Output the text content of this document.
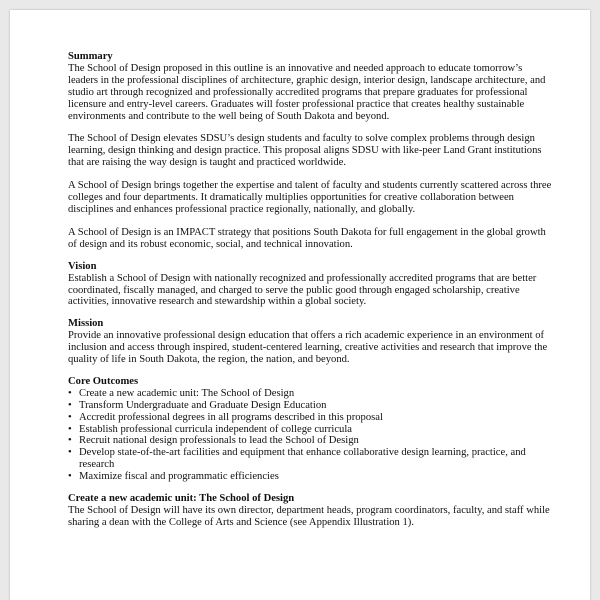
Summary

The School of Design proposed in this outline is an innovative and needed approach to educate tomorrow’s leaders in the professional disciplines of architecture, graphic design, interior design, landscape architecture, and studio art through recognized and professionally accredited programs that prepare graduates for professional licensure and entry-level careers. Graduates will foster professional practice that creates healthy sustainable environments and contribute to the well being of South Dakota and beyond.

The School of Design elevates SDSU’s design students and faculty to solve complex problems through design learning, design thinking and design practice. This proposal aligns SDSU with like-peer Land Grant institutions that are raising the way design is taught and practiced worldwide.

A School of Design brings together the expertise and talent of faculty and students currently scattered across three colleges and four departments. It dramatically multiplies opportunities for creative collaboration between disciplines and enhances professional practice regionally, nationally, and globally.

A School of Design is an IMPACT strategy that positions South Dakota for full engagement in the global growth of design and its robust economic, social, and technical innovation.

Vision

Establish a School of Design with nationally recognized and professionally accredited programs that are better coordinated, fiscally managed, and charged to serve the public good through engaged scholarship, creative activities, innovative research and stewardship within a global society.

Mission

Provide an innovative professional design education that offers a rich academic experience in an environment of inclusion and access through inspired, student-centered learning, creative activities and research that improve the quality of life in South Dakota, the region, the nation, and beyond.

Core Outcomes

• Create a new academic unit: The School of Design
• Transform Undergraduate and Graduate Design Education
• Accredit professional degrees in all programs described in this proposal
• Establish professional curricula independent of college curricula
• Recruit national design professionals to lead the School of Design
• Develop state-of-the-art facilities and equipment that enhance collaborative design learning, practice, and research
• Maximize fiscal and programmatic efficiencies

Create a new academic unit: The School of Design

The School of Design will have its own director, department heads, program coordinators, faculty, and staff while sharing a dean with the College of Arts and Science (see Appendix Illustration 1).
